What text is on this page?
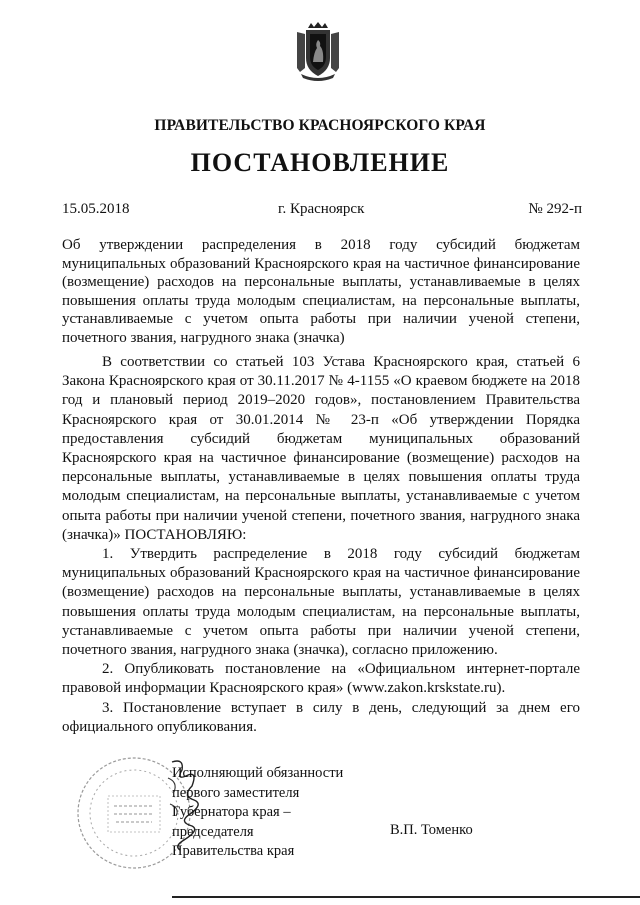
ПРАВИТЕЛЬСТВО КРАСНОЯРСКОГО КРАЯ
ПОСТАНОВЛЕНИЕ
15.05.2018	г. Красноярск	№ 292-п
Об утверждении распределения в 2018 году субсидий бюджетам муниципальных образований Красноярского края на частичное финансирование (возмещение) расходов на персональные выплаты, устанавливаемые в целях повышения оплаты труда молодым специалистам, на персональные выплаты, устанавливаемые с учетом опыта работы при наличии ученой степени, почетного звания, нагрудного знака (значка)

В соответствии со статьей 103 Устава Красноярского края, статьей 6 Закона Красноярского края от 30.11.2017 № 4-1155 «О краевом бюджете на 2018 год и плановый период 2019–2020 годов», постановлением Правительства Красноярского края от 30.01.2014 № 23-п «Об утверждении Порядка предоставления субсидий бюджетам муниципальных образований Красноярского края на частичное финансирование (возмещение) расходов на персональные выплаты, устанавливаемые в целях повышения оплаты труда молодым специалистам, на персональные выплаты, устанавливаемые с учетом опыта работы при наличии ученой степени, почетного звания, нагрудного знака (значка)» ПОСТАНОВЛЯЮ:

1. Утвердить распределение в 2018 году субсидий бюджетам муниципальных образований Красноярского края на частичное финансирование (возмещение) расходов на персональные выплаты, устанавливаемые в целях повышения оплаты труда молодым специалистам, на персональные выплаты, устанавливаемые с учетом опыта работы при наличии ученой степени, почетного звания, нагрудного знака (значка), согласно приложению.

2. Опубликовать постановление на «Официальном интернет-портале правовой информации Красноярского края» (www.zakon.krskstate.ru).

3. Постановление вступает в силу в день, следующий за днем его официального опубликования.

Исполняющий обязанности
первого заместителя
Губернатора края –
председателя
Правительства края
В.П. Томенко
